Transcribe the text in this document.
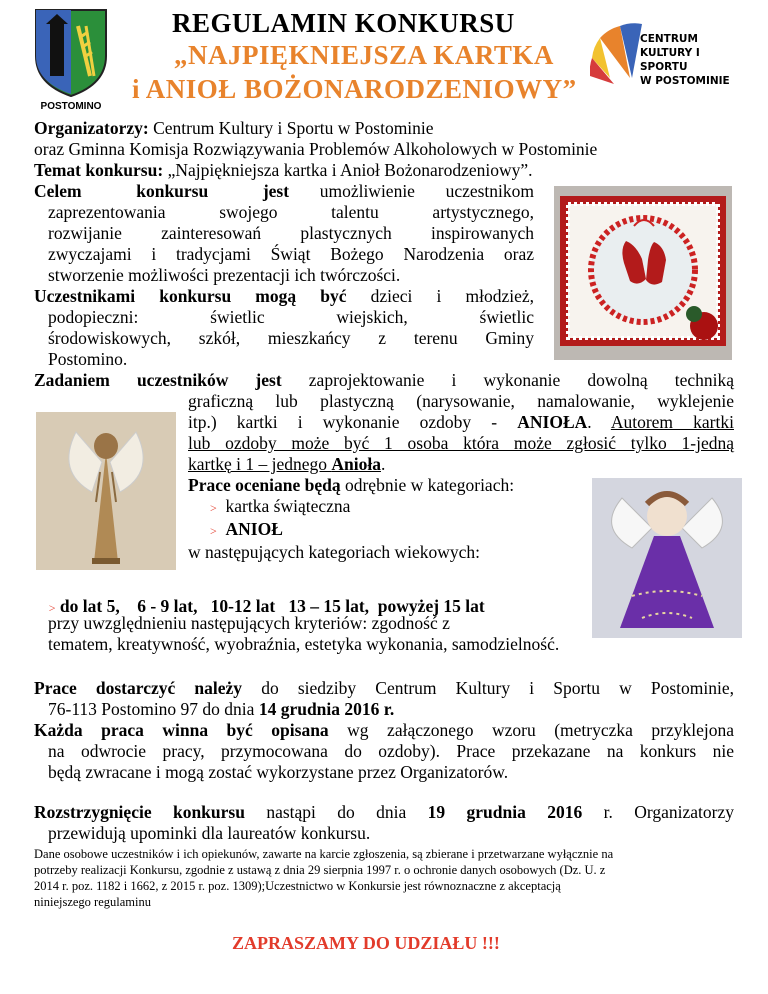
POSTOMINO
REGULAMIN KONKURSU
„NAJPIĘKNIEJSZA KARTKA
i ANIOŁ BOŻONARODZENIOWY”
CENTRUM
KULTURY I SPORTU
W POSTOMINIE

Organizatorzy: Centrum Kultury i Sportu w Postominie

oraz Gminna Komisja Rozwiązywania Problemów Alkoholowych w Postominie

Temat konkursu: „Najpiękniejsza kartka i Anioł Bożonarodzeniowy”.

Celem konkursu jest umożliwienie uczestnikom

zaprezentowania swojego talentu artystycznego,

rozwijanie zainteresowań plastycznych inspirowanych

zwyczajami i tradycjami Świąt Bożego Narodzenia oraz

stworzenie możliwości prezentacji ich twórczości.

Uczestnikami konkursu mogą być dzieci i młodzież,

podopieczni: świetlic wiejskich, świetlic

środowiskowych, szkół, mieszkańcy z terenu Gminy

Postomino.

Zadaniem uczestników jest zaprojektowanie i wykonanie dowolną techniką

graficzną lub plastyczną (narysowanie, namalowanie, wyklejenie

itp.) kartki i wykonanie ozdoby - ANIOŁA. Autorem kartki

lub ozdoby może być 1 osoba która może zgłosić tylko 1-jedną

kartkę i 1 – jednego Anioła.

Prace oceniane będą odrębnie w kategoriach:

> kartka świąteczna

> ANIOŁ

w następujących kategoriach wiekowych:

> do lat 5,    6 - 9 lat,   10-12 lat   13 – 15 lat,  powyżej 15 lat

przy uwzględnieniu następujących kryteriów: zgodność z

tematem, kreatywność, wyobraźnia, estetyka wykonania, samodzielność.

Prace dostarczyć należy do siedziby Centrum Kultury i Sportu w Postominie,

76-113 Postomino 97 do dnia 14 grudnia 2016 r.

Każda praca winna być opisana wg załączonego wzoru (metryczka przyklejona

na odwrocie pracy, przymocowana do ozdoby). Prace przekazane na konkurs nie

będą zwracane i mogą zostać wykorzystane przez Organizatorów.

Rozstrzygnięcie konkursu nastąpi do dnia 19 grudnia 2016 r. Organizatorzy

przewidują upominki dla laureatów konkursu.

Dane osobowe uczestników i ich opiekunów, zawarte na karcie zgłoszenia, są zbierane i przetwarzane wyłącznie na

potrzeby realizacji Konkursu, zgodnie z ustawą z dnia 29 sierpnia 1997 r. o ochronie danych osobowych (Dz. U. z

2014 r. poz. 1182 i 1662, z 2015 r. poz. 1309);Uczestnictwo w Konkursie jest równoznaczne z akceptacją

niniejszego regulaminu

ZAPRASZAMY DO UDZIAŁU !!!
